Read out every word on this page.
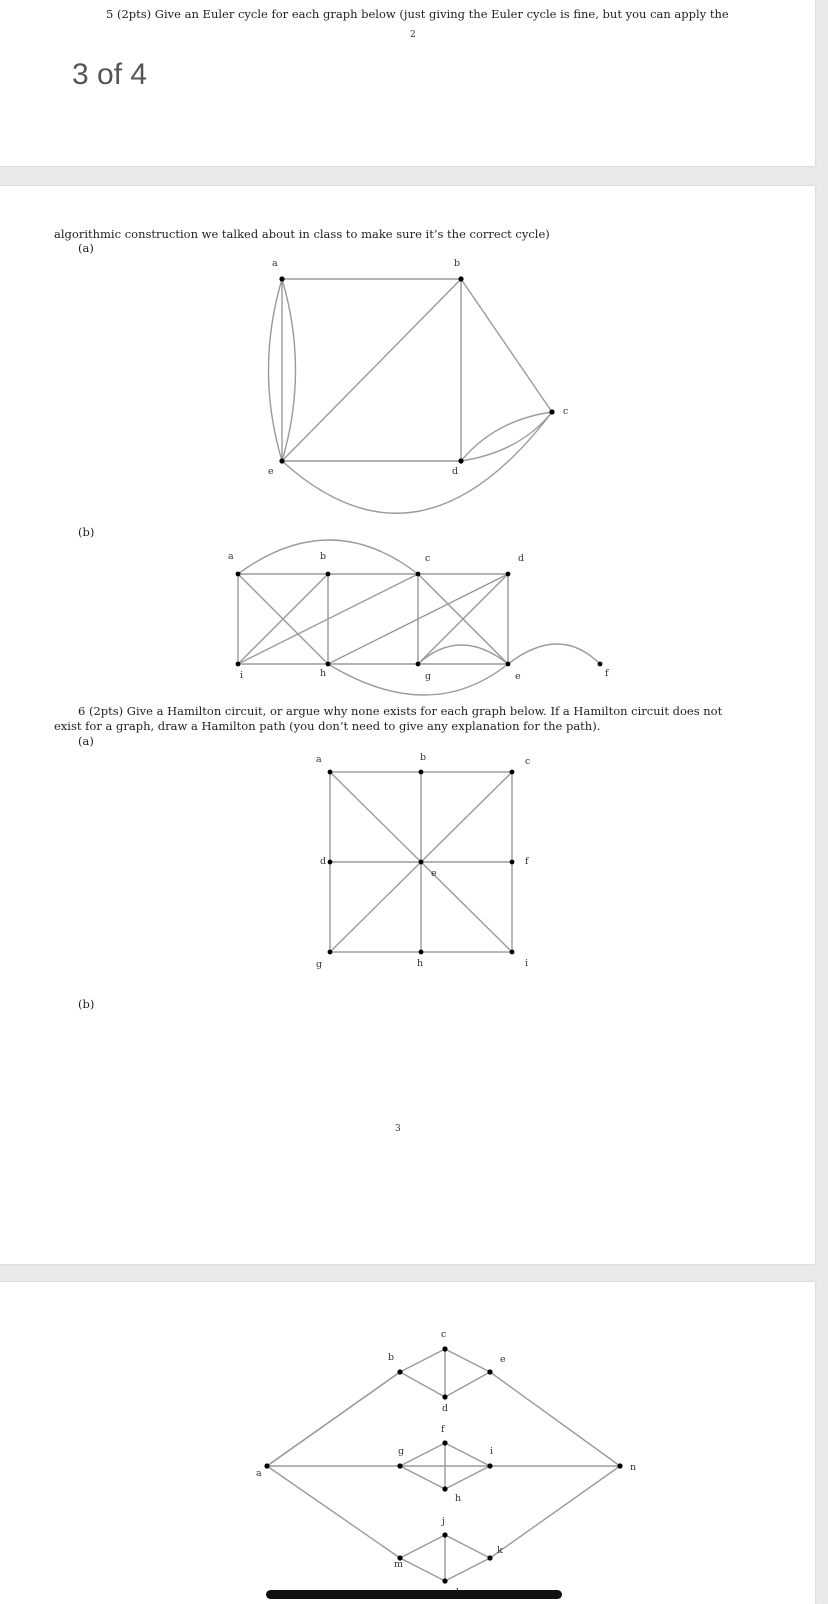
5 (2pts) Give an Euler cycle for each graph below (just giving the Euler cycle is fine, but you can apply the
2
3 of 4
algorithmic construction we talked about in class to make sure it’s the correct cycle)
(a)
a	b
c
d
e
(b)
a	b	c	d
i	h	g	e	f
6 (2pts) Give a Hamilton circuit, or argue why none exists for each graph below. If a Hamilton circuit does not
exist for a graph, draw a Hamilton path (you don’t need to give any explanation for the path).
(a)
a	b	c
d
e
f
g	h	i
(b)
3
a
b
c
d
e
f
g
h
i
j
k
m
n
